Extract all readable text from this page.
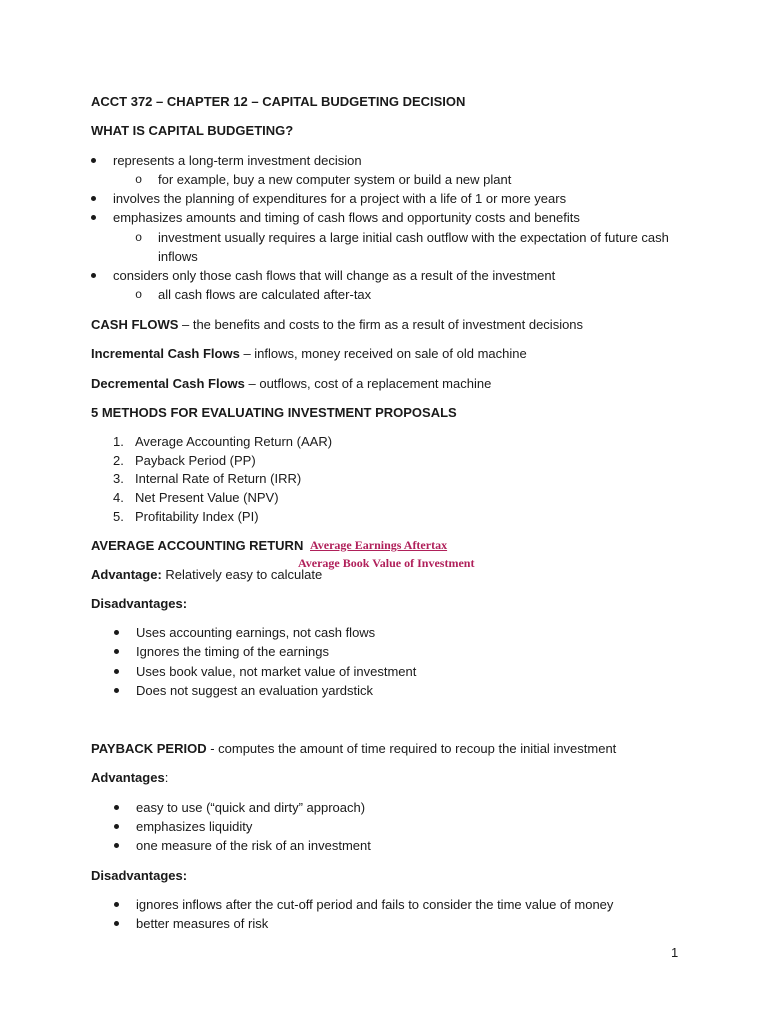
ACCT 372 – CHAPTER 12 – CAPITAL BUDGETING DECISION
WHAT IS CAPITAL BUDGETING?
represents a long-term investment decision
o for example, buy a new computer system or build a new plant
involves the planning of expenditures for a project with a life of 1 or more years
emphasizes amounts and timing of cash flows and opportunity costs and benefits
o investment usually requires a large initial cash outflow with the expectation of future cash
inflows
considers only those cash flows that will change as a result of the investment
o all cash flows are calculated after-tax
CASH FLOWS – the benefits and costs to the firm as a result of investment decisions
Incremental Cash Flows – inflows, money received on sale of old machine
Decremental Cash Flows – outflows, cost of a replacement machine
5 METHODS FOR EVALUATING INVESTMENT PROPOSALS
1. Average Accounting Return (AAR)
2. Payback Period (PP)
3. Internal Rate of Return (IRR)
4. Net Present Value (NPV)
5. Profitability Index (PI)
AVERAGE ACCOUNTING RETURN Average Earnings Aftertax
Average Book Value of Investment
Advantage: Relatively easy to calculate
Disadvantages:
Uses accounting earnings, not cash flows
Ignores the timing of the earnings
Uses book value, not market value of investment
Does not suggest an evaluation yardstick
PAYBACK PERIOD - computes the amount of time required to recoup the initial investment
Advantages:
easy to use (“quick and dirty” approach)
emphasizes liquidity
one measure of the risk of an investment
Disadvantages:
ignores inflows after the cut-off period and fails to consider the time value of money
better measures of risk
1
